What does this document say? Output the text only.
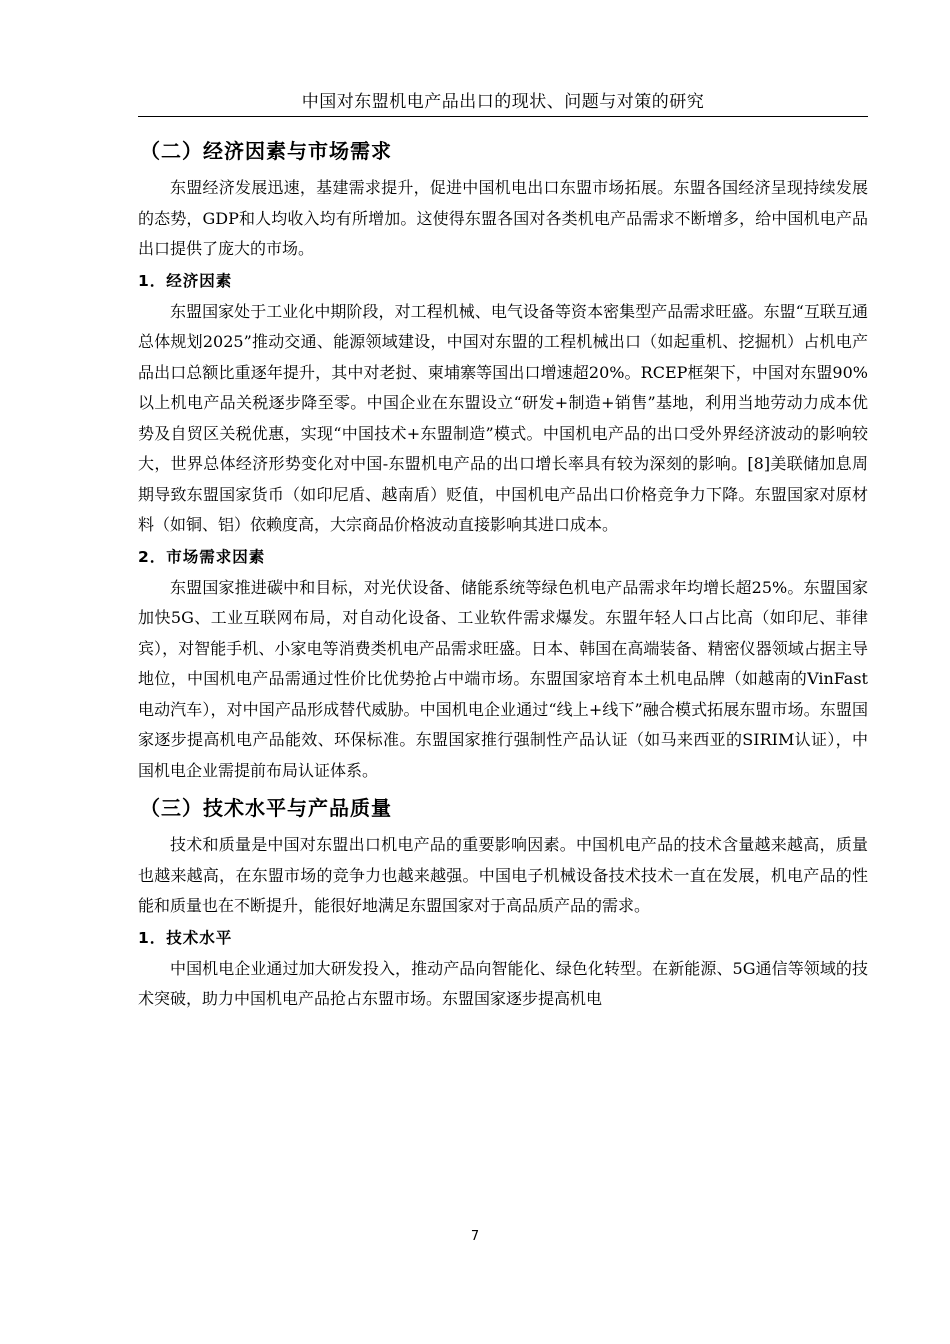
中国对东盟机电产品出口的现状、问题与对策的研究
（二）经济因素与市场需求

东盟经济发展迅速，基建需求提升，促进中国机电出口东盟市场拓展。东盟各国经济呈现持续发展的态势，GDP和人均收入均有所增加。这使得东盟各国对各类机电产品需求不断增多，给中国机电产品出口提供了庞大的市场。

1．经济因素

东盟国家处于工业化中期阶段，对工程机械、电气设备等资本密集型产品需求旺盛。东盟“互联互通总体规划2025”推动交通、能源领域建设，中国对东盟的工程机械出口（如起重机、挖掘机）占机电产品出口总额比重逐年提升，其中对老挝、柬埔寨等国出口增速超20%。RCEP框架下，中国对东盟90%以上机电产品关税逐步降至零。中国企业在东盟设立“研发+制造+销售”基地，利用当地劳动力成本优势及自贸区关税优惠，实现“中国技术+东盟制造”模式。中国机电产品的出口受外界经济波动的影响较大，世界总体经济形势变化对中国-东盟机电产品的出口增长率具有较为深刻的影响。[8]美联储加息周期导致东盟国家货币（如印尼盾、越南盾）贬值，中国机电产品出口价格竞争力下降。东盟国家对原材料（如铜、铝）依赖度高，大宗商品价格波动直接影响其进口成本。

2．市场需求因素

东盟国家推进碳中和目标，对光伏设备、储能系统等绿色机电产品需求年均增长超25%。东盟国家加快5G、工业互联网布局，对自动化设备、工业软件需求爆发。东盟年轻人口占比高（如印尼、菲律宾），对智能手机、小家电等消费类机电产品需求旺盛。日本、韩国在高端装备、精密仪器领域占据主导地位，中国机电产品需通过性价比优势抢占中端市场。东盟国家培育本土机电品牌（如越南的VinFast电动汽车），对中国产品形成替代威胁。中国机电企业通过“线上+线下”融合模式拓展东盟市场。东盟国家逐步提高机电产品能效、环保标准。东盟国家推行强制性产品认证（如马来西亚的SIRIM认证），中国机电企业需提前布局认证体系。

（三）技术水平与产品质量

技术和质量是中国对东盟出口机电产品的重要影响因素。中国机电产品的技术含量越来越高，质量也越来越高，在东盟市场的竞争力也越来越强。中国电子机械设备技术技术一直在发展，机电产品的性能和质量也在不断提升，能很好地满足东盟国家对于高品质产品的需求。

1．技术水平

中国机电企业通过加大研发投入，推动产品向智能化、绿色化转型。在新能源、5G通信等领域的技术突破，助力中国机电产品抢占东盟市场。东盟国家逐步提高机电

7
